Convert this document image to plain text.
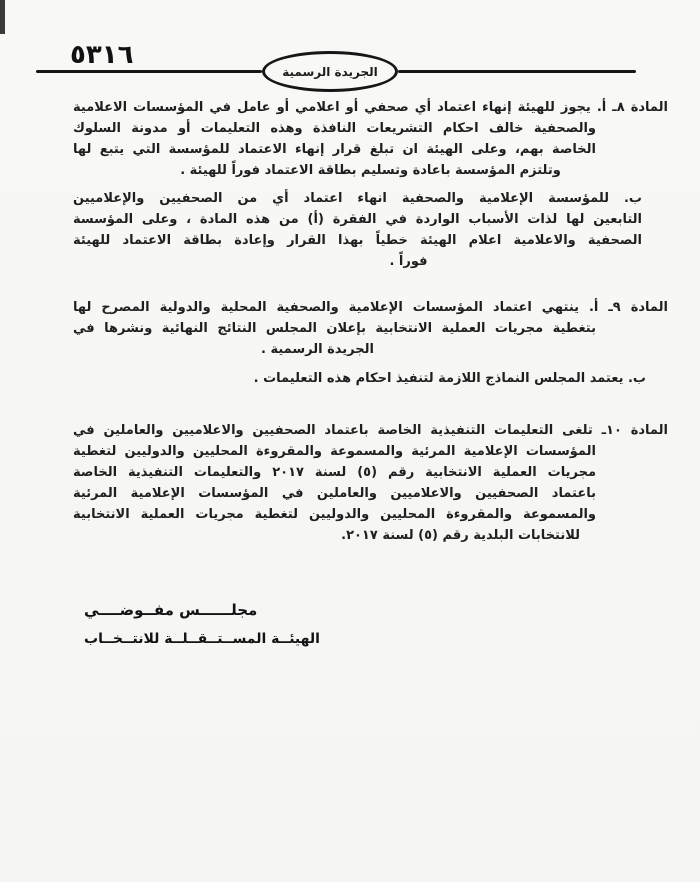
٥٣١٦
الجريدة الرسمية
المادة ٨ـ أ. يجوز للهيئة إنهاء اعتماد أي صحفي أو اعلامي أو عامل في المؤسسات الاعلامية
والصحفية خالف احكام التشريعات النافذة وهذه التعليمات أو مدونة السلوك
الخاصة بهم، وعلى الهيئة ان تبلغ قرار إنهاء الاعتماد للمؤسسة التي يتبع لها
وتلتزم المؤسسة باعادة وتسليم بطاقة الاعتماد فوراً للهيئة .
ب. للمؤسسة الإعلامية والصحفية انهاء اعتماد أي من الصحفيين والإعلاميين
التابعين لها لذات الأسباب الواردة في الفقرة (أ) من هذه المادة ، وعلى المؤسسة
الصحفية والاعلامية اعلام الهيئة خطياً بهذا القرار وإعادة بطاقة الاعتماد للهيئة
فوراً .
المادة ٩ـ أ. ينتهي اعتماد المؤسسات الإعلامية والصحفية المحلية والدولية المصرح لها
بتغطية مجريات العملية الانتخابية بإعلان المجلس النتائج النهائية ونشرها في
الجريدة الرسمية .
ب. يعتمد المجلس النماذج اللازمة لتنفيذ احكام هذه التعليمات .
المادة ١٠ـ تلغى التعليمات التنفيذية الخاصة باعتماد الصحفيين والاعلاميين والعاملين في
المؤسسات الإعلامية المرئية والمسموعة والمقروءة المحليين والدوليين لتغطية
مجريات العملية الانتخابية رقم (٥) لسنة ٢٠١٧ والتعليمات التنفيذية الخاصة
باعتماد الصحفيين والاعلاميين والعاملين في المؤسسات الإعلامية المرئية
والمسموعة والمقروءة المحليين والدوليين لتغطية مجريات العملية الانتخابية
للانتخابات البلدية رقم (٥) لسنة ٢٠١٧.
مجلــــــس مفــوضــــي
الهيئــة المســتــقــلــة للانتــخــاب
